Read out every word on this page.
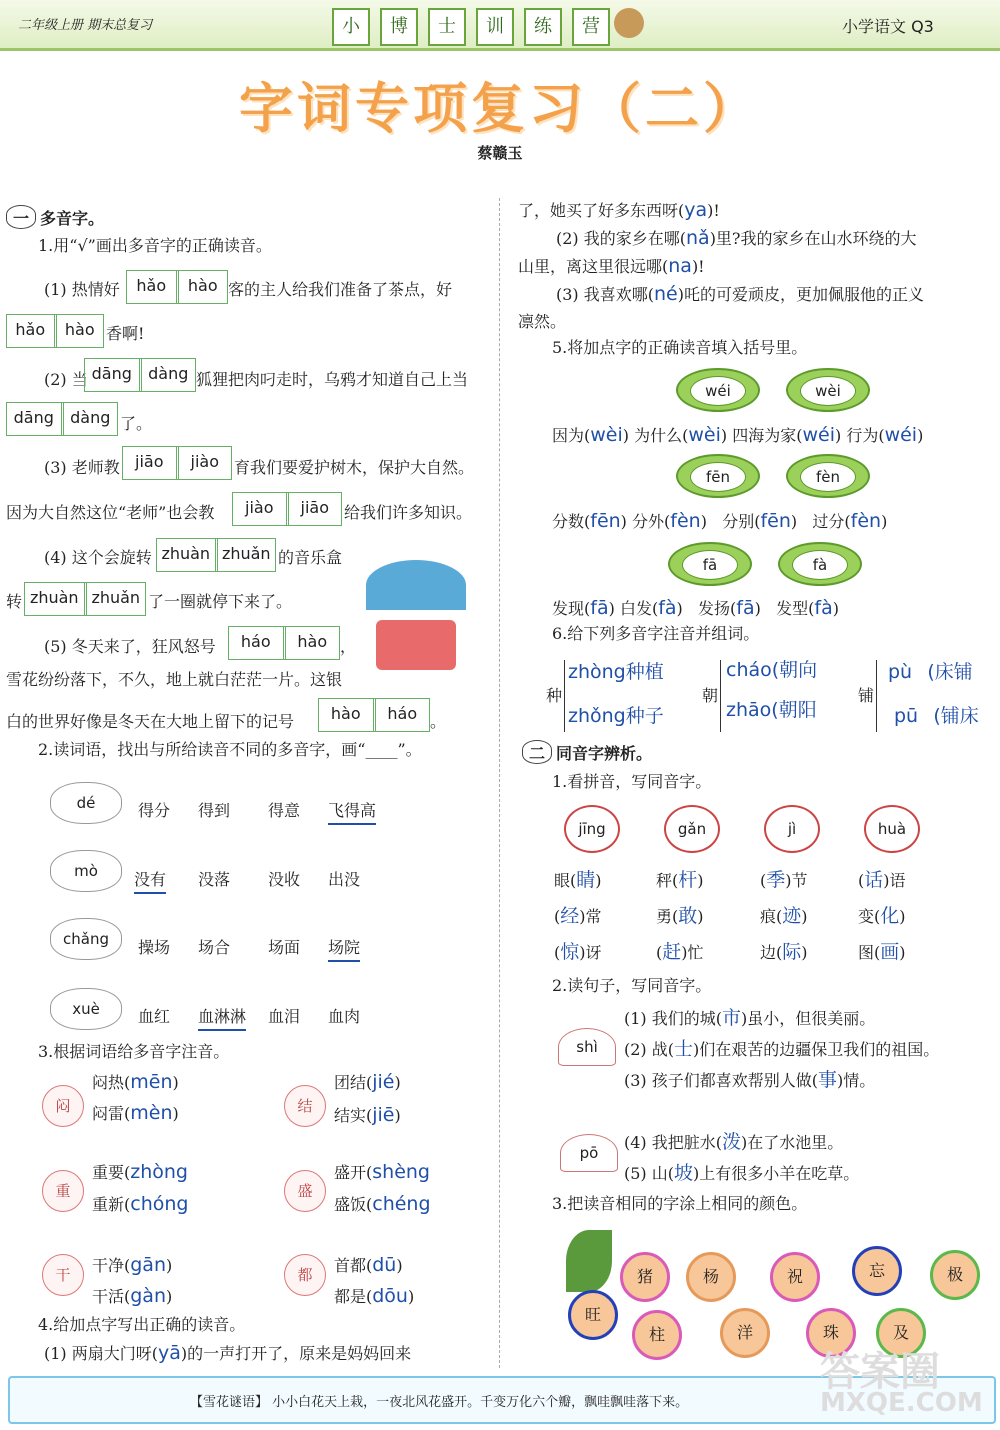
二年级上册 期末总复习	小	博	士	训	练	营	小学语文 Q3
字词专项复习（二）
蔡赣玉
一 多音字。
1.用“√”画出多音字的正确读音。
(1) 热情好	hǎo	hào 客的主人给我们准备了茶点，好
hǎo	hào 香啊!
(2) 当 dāng	dàng 狐狸把肉叼走时，乌鸦才知道自己上当
dāng	dàng 了。
(3) 老师教 jiāo	jiào 育我们要爱护树木，保护大自然。
因为大自然这位“老师”也会教	jiào	jiāo 给我们许多知识。
(4) 这个会旋转 zhuàn zhuǎn 的音乐盒
转 zhuàn zhuǎn 了一圈就停下来了。
(5) 冬天来了，狂风怒号	háo	hào ，
雪花纷纷落下，不久，地上就白茫茫一片。这银
白的世界好像是冬天在大地上留下的记号	hào	háo 。
2.读词语，找出与所给读音不同的多音字，画“____”。
dé	得分 得到 得意 飞得高
mò	没有 没落 没收 出没
chǎng	操场 场合 场面 场院
xuè	血红 血淋淋 血泪 血肉
3.根据词语给多音字注音。
闷
闷热(mēn)
闷雷(mèn)	结
团结(jié)
结实(jiē)
重
重要(zhòng
重新(chóng
盛
盛开(shèng
盛饭(chéng
干	干净(gān)
干活(gàn)
都	首都(dū)
都是(dōu)
4.给加点字写出正确的读音。
(1) 两扇大门呀(yā)的一声打开了，原来是妈妈回来
了，她买了好多东西呀(ya)!
(2) 我的家乡在哪(nǎ)里?我的家乡在山水环绕的大
山里，离这里很远哪(na)!
(3) 我喜欢哪(né)吒的可爱顽皮，更加佩服他的正义
凛然。
5.将加点字的正确读音填入括号里。
wéi	wèi
因为(wèi) 为什么(wèi) 四海为家(wéi) 行为(wéi)
fēn	fèn
分数(fēn) 分外(fèn) 分别(fēn) 过分(fèn)
fā	fà
发现(fā) 白发(fà) 发扬(fā) 发型(fà)
6.给下列多音字注音并组词。
种
zhòng种植
zhǒng种子
朝
cháo(朝向
zhāo(朝阳
铺
pù (床铺
pū (铺床
二 同音字辨析。
1.看拼音，写同音字。
jīng	gǎn	jì	huà
眼(睛)	秤(杆)	(季)节	(话)语
(经)常	勇(敢)	痕(迹)	变(化)
(惊)讶	(赶)忙	边(际)	图(画)
2.读句子，写同音字。
shì
(1) 我们的城(市)虽小，但很美丽。
(2) 战(士)们在艰苦的边疆保卫我们的祖国。
(3) 孩子们都喜欢帮别人做(事)情。
pō
(4) 我把脏水(泼)在了水池里。
(5) 山(坡)上有很多小羊在吃草。
3.把读音相同的字涂上相同的颜色。
猪	杨	祝	忘	极
旺
柱	洋	珠	及
【雪花谜语】 小小白花天上栽，一夜北风花盛开。千变万化六个瓣，飘哇飘哇落下来。
答案圈
MXQE.COM
